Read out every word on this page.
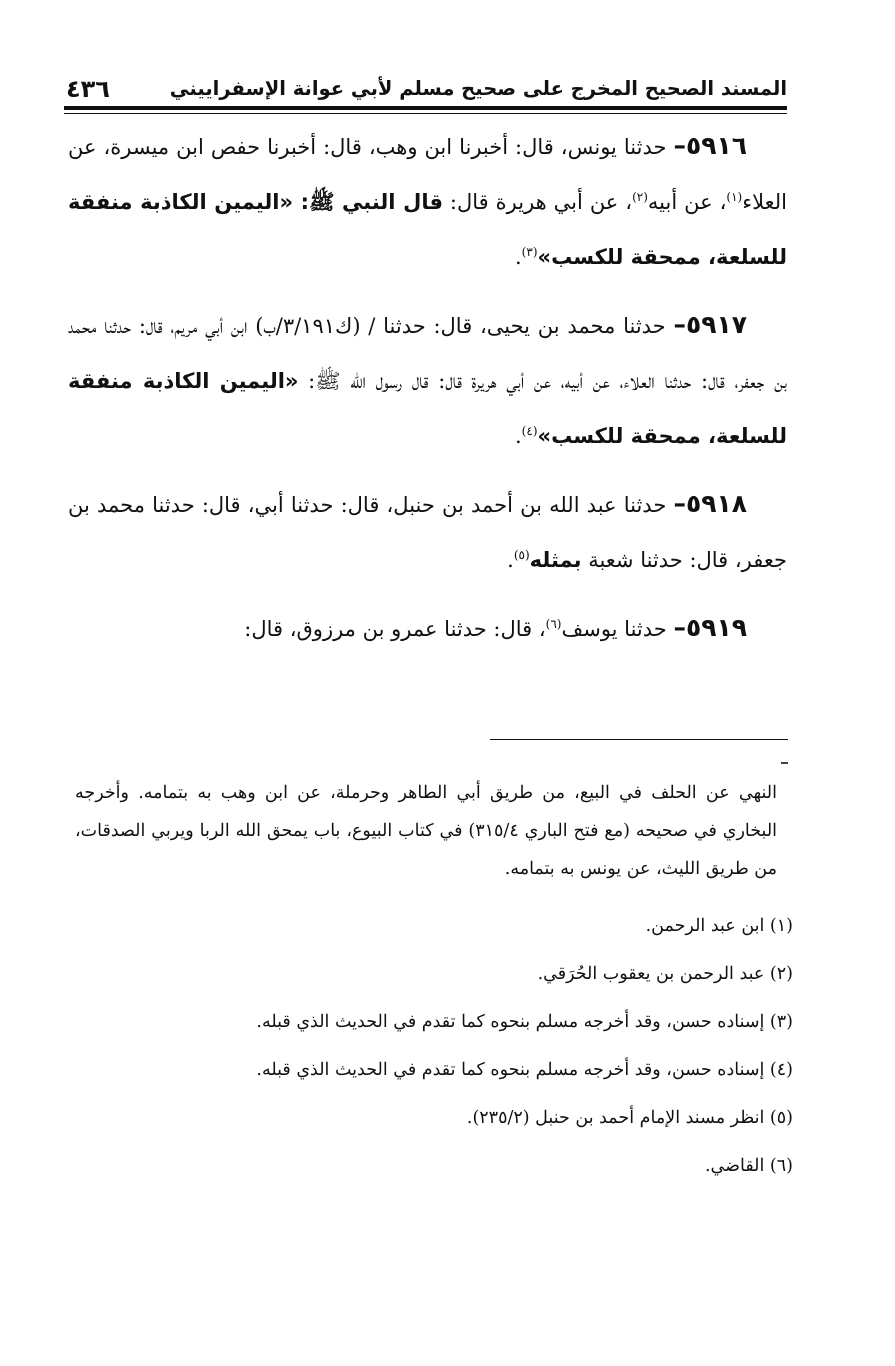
المسند الصحيح المخرج على صحيح مسلم لأبي عوانة الإسفراييني
٤٣٦

٥٩١٦– حدثنا يونس، قال: أخبرنا ابن وهب، قال: أخبرنا حفص ابن ميسرة، عن العلاء$^{(١)}$، عن أبيه$^{(٢)}$، عن أبي هريرة قال: قال النبي ﷺ: «اليمين الكاذبة منفقة للسلعة، ممحقة للكسب»$^{(٣)}$.

٥٩١٧– حدثنا محمد بن يحيى، قال: حدثنا / (ك٣/١٩١/ب) ابن أبي مريم، قال: حدثنا محمد بن جعفر، قال: حدثنا العلاء، عن أبيه، عن أبي هريرة قال: قال رسول الله ﷺ: «اليمين الكاذبة منفقة للسلعة، ممحقة للكسب»$^{(٤)}$.

٥٩١٨– حدثنا عبد الله بن أحمد بن حنبل، قال: حدثنا أبي، قال: حدثنا محمد بن جعفر، قال: حدثنا شعبة بمثله$^{(٥)}$.

٥٩١٩– حدثنا يوسف$^{(٦)}$، قال: حدثنا عمرو بن مرزوق، قال:

النهي عن الحلف في البيع، من طريق أبي الطاهر وحرملة، عن ابن وهب به بتمامه. وأخرجه البخاري في صحيحه (مع فتح الباري ٣١٥/٤) في كتاب البيوع، باب يمحق الله الربا ويربي الصدقات، من طريق الليث، عن يونس به بتمامه.

(١) ابن عبد الرحمن.

(٢) عبد الرحمن بن يعقوب الحُرَقي.

(٣) إسناده حسن، وقد أخرجه مسلم بنحوه كما تقدم في الحديث الذي قبله.

(٤) إسناده حسن، وقد أخرجه مسلم بنحوه كما تقدم في الحديث الذي قبله.

(٥) انظر مسند الإمام أحمد بن حنبل (٢٣٥/٢).

(٦) القاضي.
